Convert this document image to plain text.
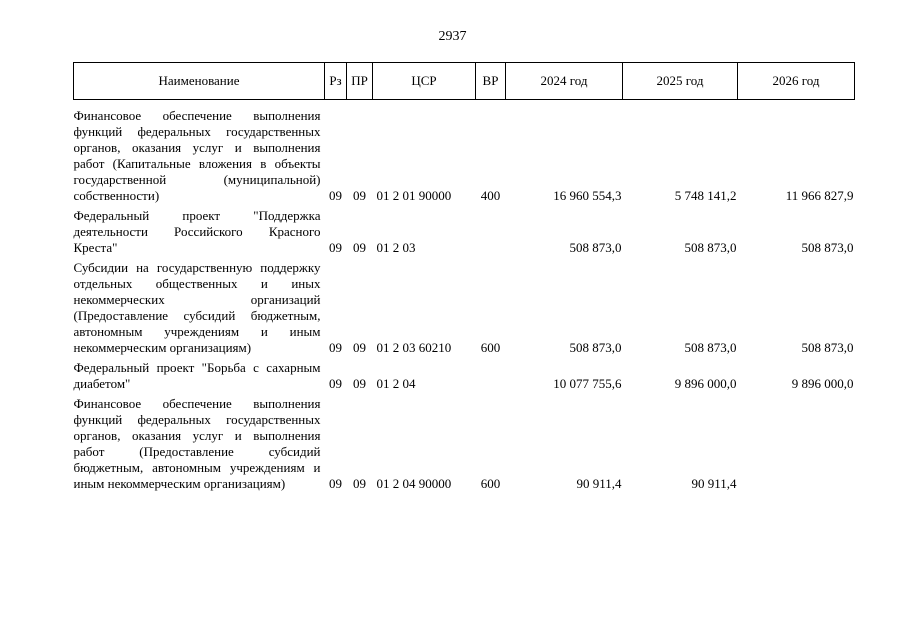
2937
Наименование	Рз	ПР	ЦСР	ВР	2024 год	2025 год	2026 год
Финансовое обеспечение выполнения функций федеральных государственных органов, оказания услуг и выполнения работ (Капитальные вложения в объекты государственной (муниципальной) собственности)	09	09	01 2 01 90000	400	16 960 554,3	5 748 141,2	11 966 827,9
Федеральный проект "Поддержка деятельности Российского Красного Креста"	09	09	01 2 03		508 873,0	508 873,0	508 873,0
Субсидии на государственную поддержку отдельных общественных и иных некоммерческих организаций (Предоставление субсидий бюджетным, автономным учреждениям и иным некоммерческим организациям)	09	09	01 2 03 60210	600	508 873,0	508 873,0	508 873,0
Федеральный проект "Борьба с сахарным диабетом"	09	09	01 2 04		10 077 755,6	9 896 000,0	9 896 000,0
Финансовое обеспечение выполнения функций федеральных государственных органов, оказания услуг и выполнения работ (Предоставление субсидий бюджетным, автономным учреждениям и иным некоммерческим организациям)	09	09	01 2 04 90000	600	90 911,4	90 911,4	
